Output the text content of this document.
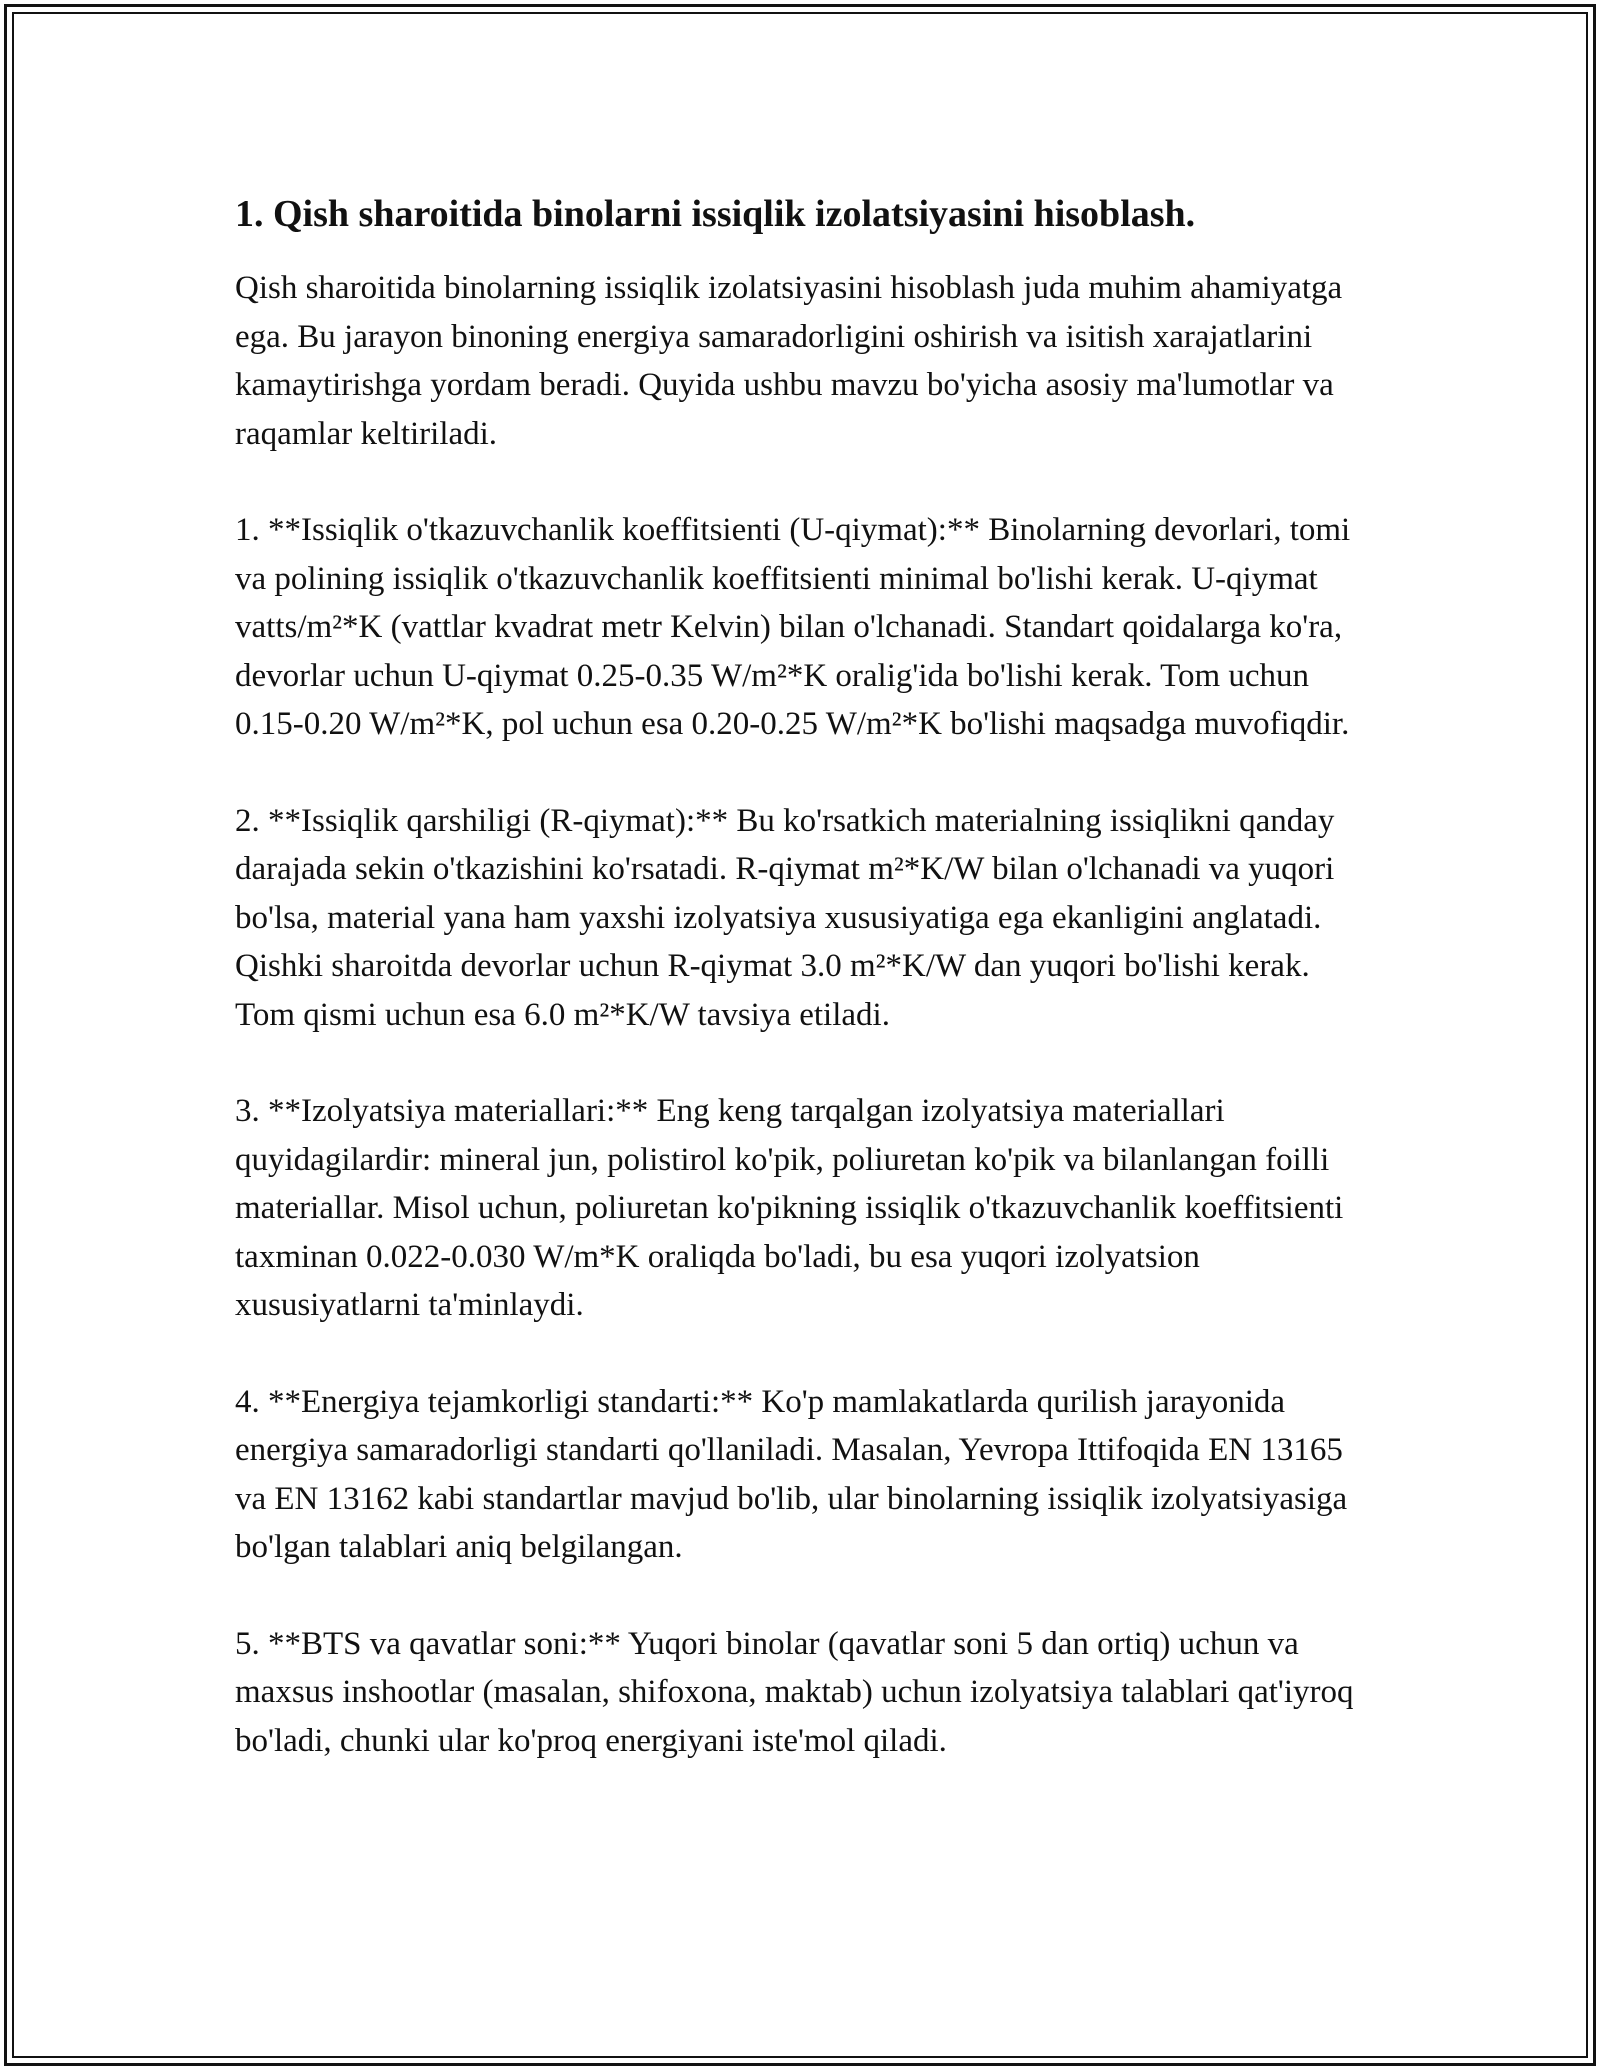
1. Qish sharoitida binolarni issiqlik izolatsiyasini hisoblash.

Qish sharoitida binolarning issiqlik izolatsiyasini hisoblash juda muhim ahamiyatga ega. Bu jarayon binoning energiya samaradorligini oshirish va isitish xarajatlarini kamaytirishga yordam beradi. Quyida ushbu mavzu bo'yicha asosiy ma'lumotlar va raqamlar keltiriladi.

1. **Issiqlik o'tkazuvchanlik koeffitsienti (U-qiymat):** Binolarning devorlari, tomi va polining issiqlik o'tkazuvchanlik koeffitsienti minimal bo'lishi kerak. U-qiymat vatts/m²*K (vattlar kvadrat metr Kelvin) bilan o'lchanadi. Standart qoidalarga ko'ra, devorlar uchun U-qiymat 0.25-0.35 W/m²*K oralig'ida bo'lishi kerak. Tom uchun 0.15-0.20 W/m²*K, pol uchun esa 0.20-0.25 W/m²*K bo'lishi maqsadga muvofiqdir.

2. **Issiqlik qarshiligi (R-qiymat):** Bu ko'rsatkich materialning issiqlikni qanday darajada sekin o'tkazishini ko'rsatadi. R-qiymat m²*K/W bilan o'lchanadi va yuqori bo'lsa, material yana ham yaxshi izolyatsiya xususiyatiga ega ekanligini anglatadi. Qishki sharoitda devorlar uchun R-qiymat 3.0 m²*K/W dan yuqori bo'lishi kerak. Tom qismi uchun esa 6.0 m²*K/W tavsiya etiladi.

3. **Izolyatsiya materiallari:** Eng keng tarqalgan izolyatsiya materiallari quyidagilardir: mineral jun, polistirol ko'pik, poliuretan ko'pik va bilanlangan foilli materiallar. Misol uchun, poliuretan ko'pikning issiqlik o'tkazuvchanlik koeffitsienti taxminan 0.022-0.030 W/m*K oraliqda bo'ladi, bu esa yuqori izolyatsion xususiyatlarni ta'minlaydi.

4. **Energiya tejamkorligi standarti:** Ko'p mamlakatlarda qurilish jarayonida energiya samaradorligi standarti qo'llaniladi. Masalan, Yevropa Ittifoqida EN 13165 va EN 13162 kabi standartlar mavjud bo'lib, ular binolarning issiqlik izolyatsiyasiga bo'lgan talablari aniq belgilangan.

5. **BTS va qavatlar soni:** Yuqori binolar (qavatlar soni 5 dan ortiq) uchun va maxsus inshootlar (masalan, shifoxona, maktab) uchun izolyatsiya talablari qat'iyroq bo'ladi, chunki ular ko'proq energiyani iste'mol qiladi.
